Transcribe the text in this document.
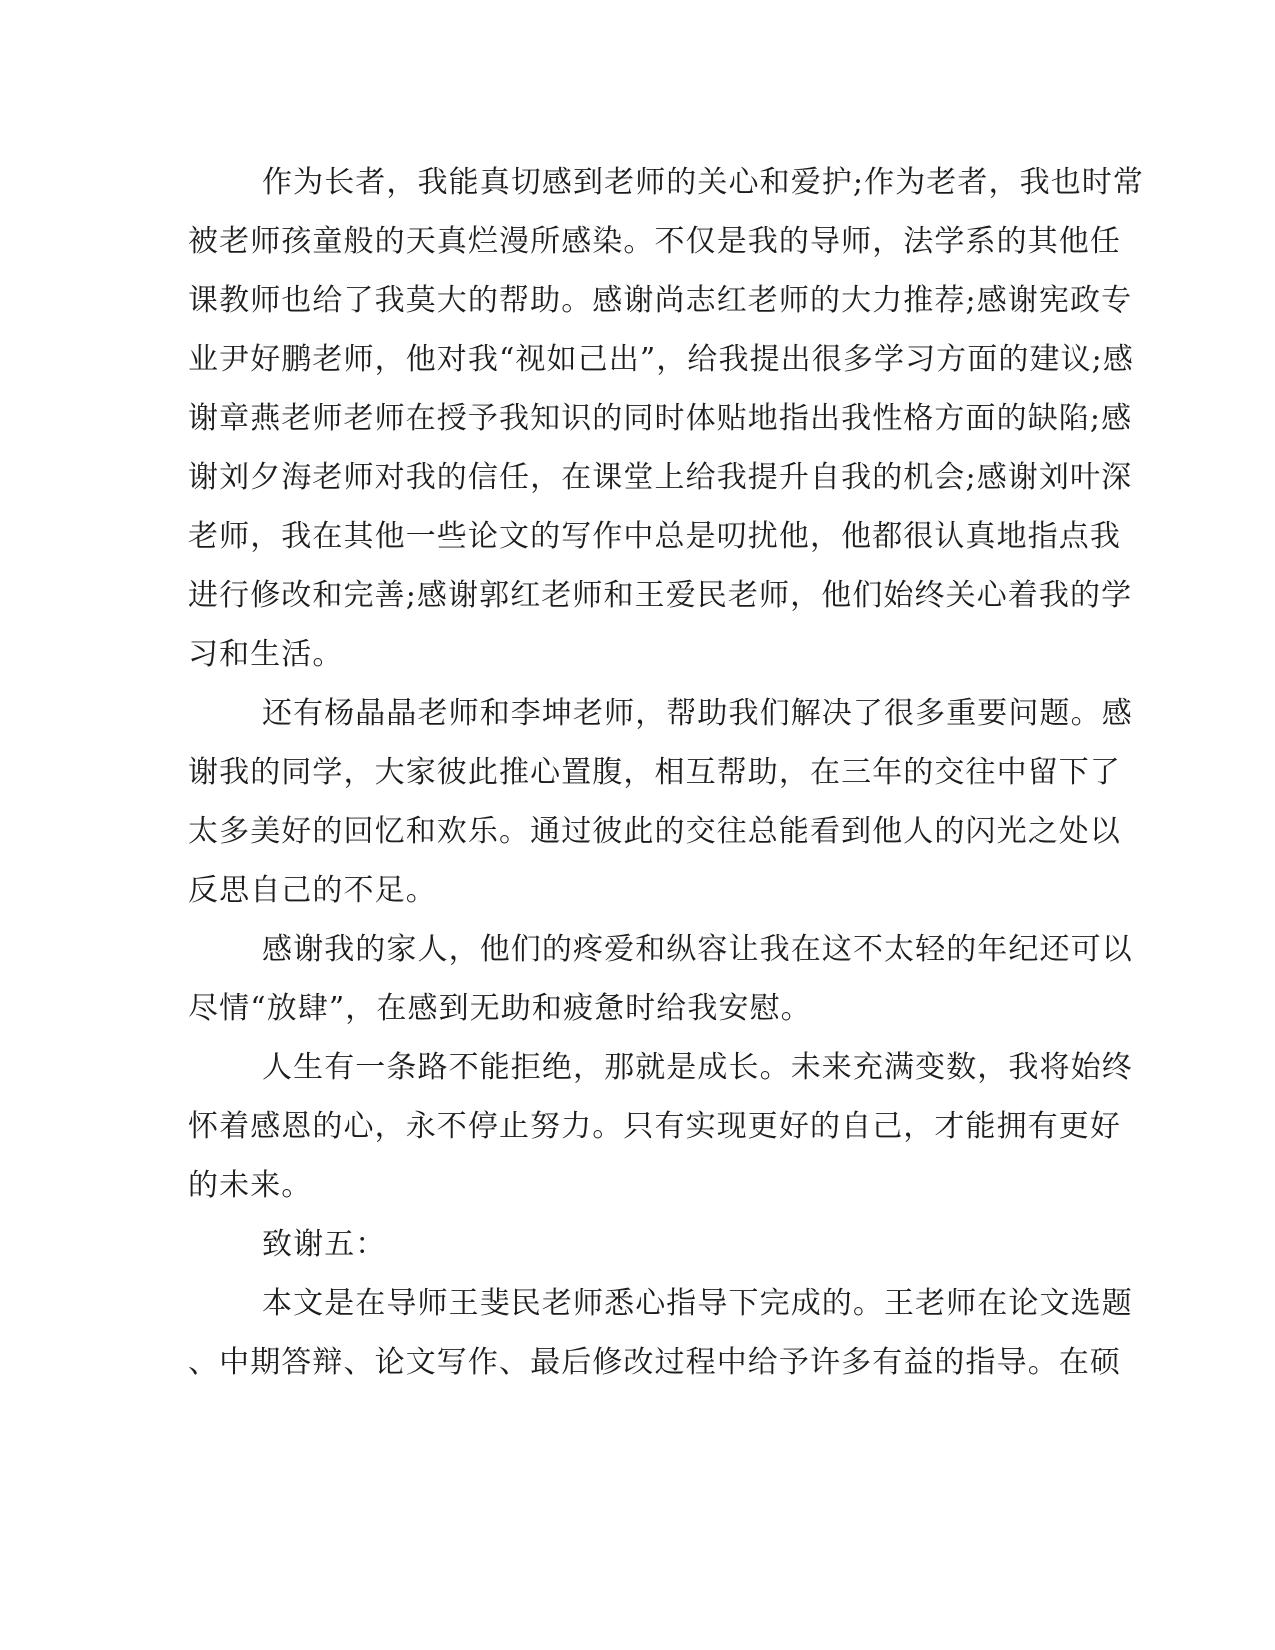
作为长者，我能真切感到老师的关心和爱护;作为老者，我也时常
被老师孩童般的天真烂漫所感染。不仅是我的导师，法学系的其他任
课教师也给了我莫大的帮助。感谢尚志红老师的大力推荐;感谢宪政专
业尹好鹏老师，他对我“视如己出”，给我提出很多学习方面的建议;感
谢章燕老师老师在授予我知识的同时体贴地指出我性格方面的缺陷;感
谢刘夕海老师对我的信任，在课堂上给我提升自我的机会;感谢刘叶深
老师，我在其他一些论文的写作中总是叨扰他，他都很认真地指点我
进行修改和完善;感谢郭红老师和王爱民老师，他们始终关心着我的学
习和生活。
还有杨晶晶老师和李坤老师，帮助我们解决了很多重要问题。感
谢我的同学，大家彼此推心置腹，相互帮助，在三年的交往中留下了
太多美好的回忆和欢乐。通过彼此的交往总能看到他人的闪光之处以
反思自己的不足。
感谢我的家人，他们的疼爱和纵容让我在这不太轻的年纪还可以
尽情“放肆”，在感到无助和疲惫时给我安慰。
人生有一条路不能拒绝，那就是成长。未来充满变数，我将始终
怀着感恩的心，永不停止努力。只有实现更好的自己，才能拥有更好
的未来。
致谢五：
本文是在导师王斐民老师悉心指导下完成的。王老师在论文选题
、中期答辩、论文写作、最后修改过程中给予许多有益的指导。在硕
